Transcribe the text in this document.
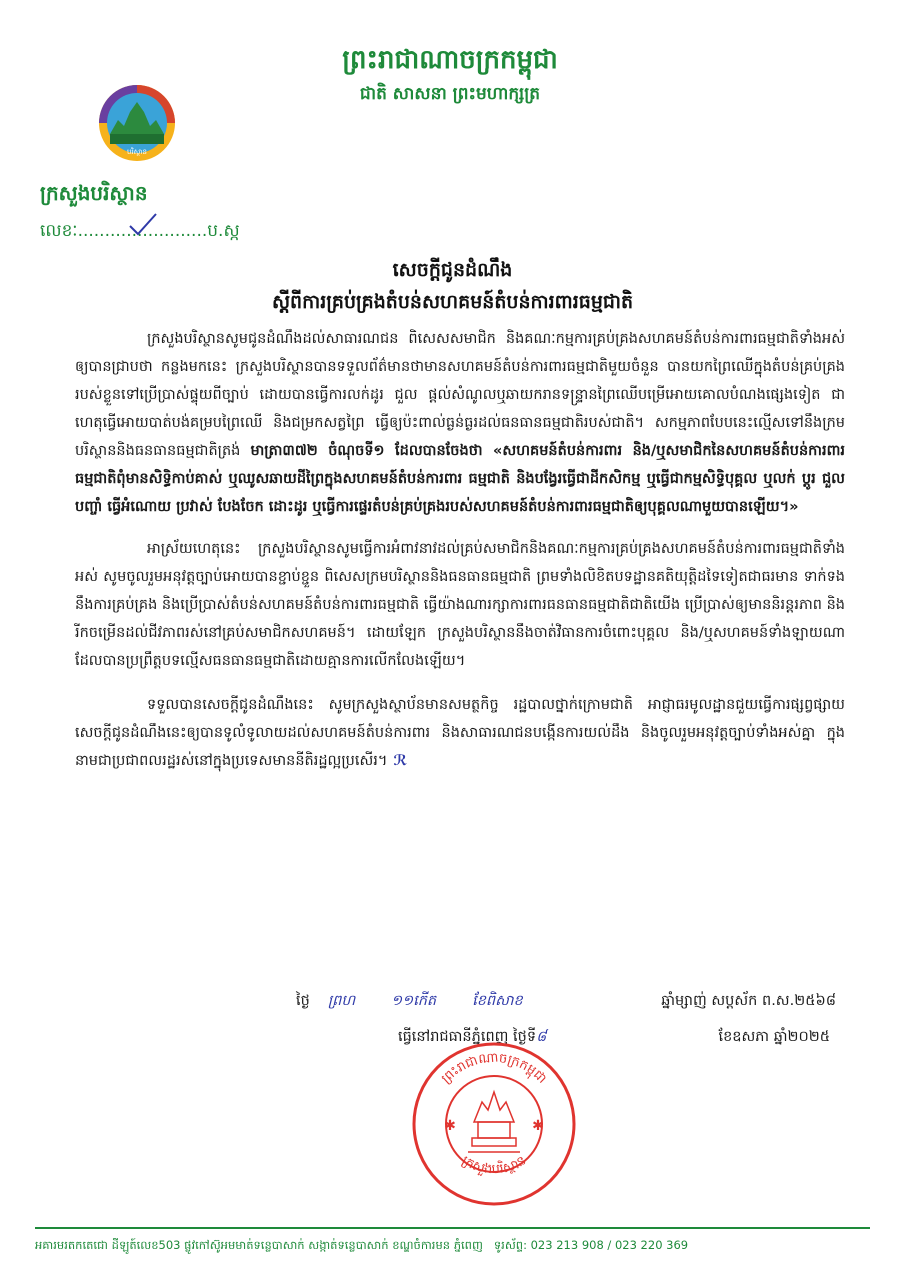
បរិស្ថាន
ព្រះរាជាណាចក្រកម្ពុជា
ជាតិ សាសនា ព្រះមហាក្សត្រ
ក្រសួងបរិស្ថាន
លេខៈ........................ប.ស្ក
សេចក្តីជូនដំណឹង
ស្តីពីការគ្រប់គ្រងតំបន់សហគមន៍តំបន់ការពារធម្មជាតិ

ក្រសួងបរិស្ថានសូមជូនដំណឹងដល់សាធារណជន ពិសេសសមាជិក និងគណៈកម្មការគ្រប់គ្រងសហគមន៍តំបន់ការពារធម្មជាតិទាំងអស់ឲ្យបានជ្រាបថា កន្លងមកនេះ ក្រសួងបរិស្ថានបានទទួលព័ត៌មានថាមានសហគមន៍តំបន់ការពារធម្មជាតិមួយចំនួន បានយកព្រៃឈើក្នុងតំបន់គ្រប់គ្រងរបស់ខ្លួនទៅប្រើប្រាស់ផ្ទុយពីច្បាប់ ដោយបានធ្វើការលក់ដូរ ជួល ផ្តល់សំណូលឬឆាយករានទន្រ្ទានព្រៃឈើបម្រើអោយគោលបំណងផ្សេងទៀត ជាហេតុធ្វើអោយបាត់បង់គម្របព្រៃឈើ និងជម្រកសត្វព្រៃ ធ្វើឲ្យប៉ះពាល់ធ្ងន់ធ្ងរដល់ធនធានធម្មជាតិរបស់ជាតិ។ សកម្មភាពបែបនេះល្មើសទៅនឹងក្រមបរិស្ថាននិងធនធានធម្មជាតិត្រង់ មាត្រា៣៧២ ចំណុចទី១ ដែលបានចែងថា «សហគមន៍តំបន់ការពារ និង/ឬសមាជិកនៃសហគមន៍តំបន់ការពារធម្មជាតិពុំមានសិទ្ធិកាប់គាស់ ឬឈូសឆាយដីព្រៃក្នុងសហគមន៍តំបន់ការពារ ធម្មជាតិ និងបង្វែរធ្វើជាដីកសិកម្ម ឬធ្វើជាកម្មសិទ្ធិបុគ្គល ឬលក់ ប្តូរ ជួល បញ្ចាំ ធ្វើអំណោយ ប្រវាស់ បែងចែក ដោះដូរ ឬធ្វើការផ្ទេរតំបន់គ្រប់គ្រងរបស់សហគមន៍តំបន់ការពារធម្មជាតិឲ្យបុគ្គលណាមួយបានឡើយ។»

អាស្រ័យហេតុនេះ ក្រសួងបរិស្ថានសូមធ្វើការអំពាវនាវដល់គ្រប់សមាជិកនិងគណៈកម្មការគ្រប់គ្រងសហគមន៍តំបន់ការពារធម្មជាតិទាំងអស់ សូមចូលរួមអនុវត្តច្បាប់អោយបានខ្ជាប់ខ្ជួន ពិសេសក្រមបរិស្ថាននិងធនធានធម្មជាតិ ព្រមទាំងលិខិតបទដ្ឋានគតិយុត្តិដទៃទៀតជាធរមាន ទាក់ទងនឹងការគ្រប់គ្រង និងប្រើប្រាស់តំបន់សហគមន៍តំបន់ការពារធម្មជាតិ ធ្វើយ៉ាងណារក្សាការពារធនធានធម្មជាតិជាតិយើង ប្រើប្រាស់ឲ្យមាននិរន្តរភាព និងរីកចម្រើនដល់ជីវភាពរស់នៅគ្រប់សមាជិកសហគមន៍។ ដោយឡែក ក្រសួងបរិស្ថាននឹងចាត់វិធានការចំពោះបុគ្គល និង/ឬសហគមន៍ទាំងឡាយណា ដែលបានប្រព្រឹត្តបទល្មើសធនធានធម្មជាតិដោយគ្មានការលើកលែងឡើយ។

ទទួលបានសេចក្តីជូនដំណឹងនេះ សូមក្រសួងស្ថាប័នមានសមត្ថកិច្ច រដ្ឋបាលថ្នាក់ក្រោមជាតិ អាជ្ញាធរមូលដ្ឋានជួយធ្វើការផ្សព្វផ្សាយសេចក្តីជូនដំណឹងនេះឲ្យបានទូលំទូលាយដល់សហគមន៍តំបន់ការពារ និងសាធារណជនបង្កើនការយល់ដឹង និងចូលរួមអនុវត្តច្បាប់ទាំងអស់គ្នា ក្នុងនាមជាប្រជាពលរដ្ឋរស់នៅក្នុងប្រទេសមាននីតិរដ្ឋល្អប្រសើរ។ ℛ

ថ្ងៃ ព្រហ ១១កើត ខែពិសាខ	ឆ្នាំម្សាញ់ សប្តស័ក ព.ស.២៥៦៨
ធ្វើនៅរាជធានីភ្នំពេញ ថ្ងៃទី៨	ខែឧសភា ឆ្នាំ២០២៥
ព្រះរាជាណាចក្រកម្ពុជា
ក្រសួងបរិស្ថាន
✱	✱
អគារមរតកតេជោ ដីឡូត៍លេខ503 ផ្លូវកៅស៊ូអមមាត់ទន្លេបាសាក់ សង្កាត់ទន្លេបាសាក់ ខណ្ឌចំការមន ភ្នំពេញ ទូរស័ព្ទ: 023 213 908 / 023 220 369
